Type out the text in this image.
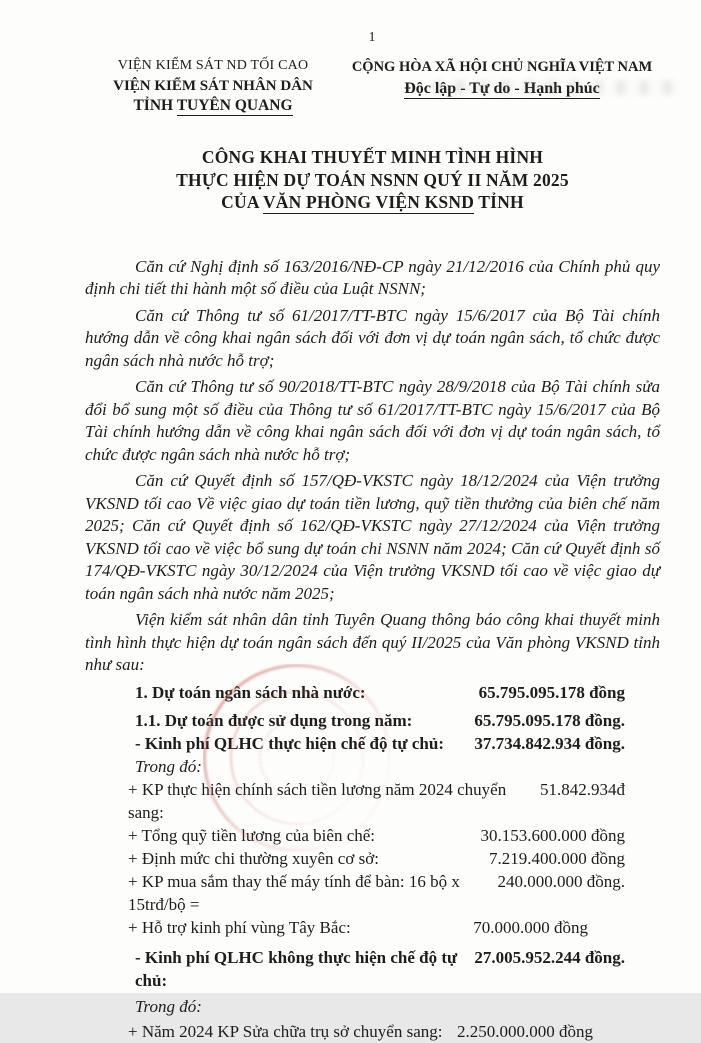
1
VIỆN KIỂM SÁT ND TỐI CAO
VIỆN KIỂM SÁT NHÂN DÂN
TỈNH TUYÊN QUANG
CỘNG HÒA XÃ HỘI CHỦ NGHĨA VIỆT NAM
Độc lập - Tự do - Hạnh phúc
CÔNG KHAI THUYẾT MINH TÌNH HÌNH
THỰC HIỆN DỰ TOÁN NSNN QUÝ II NĂM 2025
CỦA VĂN PHÒNG VIỆN KSND TỈNH

Căn cứ Nghị định số 163/2016/NĐ-CP ngày 21/12/2016 của Chính phủ quy định chi tiết thi hành một số điều của Luật NSNN;

Căn cứ Thông tư số 61/2017/TT-BTC ngày 15/6/2017 của Bộ Tài chính hướng dẫn về công khai ngân sách đối với đơn vị dự toán ngân sách, tổ chức được ngân sách nhà nước hỗ trợ;

Căn cứ Thông tư số 90/2018/TT-BTC ngày 28/9/2018 của Bộ Tài chính sửa đổi bổ sung một số điều của Thông tư số 61/2017/TT-BTC ngày 15/6/2017 của Bộ Tài chính hướng dẫn về công khai ngân sách đối với đơn vị dự toán ngân sách, tổ chức được ngân sách nhà nước hỗ trợ;

Căn cứ Quyết định số 157/QĐ-VKSTC ngày 18/12/2024 của Viện trưởng VKSND tối cao Về việc giao dự toán tiền lương, quỹ tiền thưởng của biên chế năm 2025; Căn cứ Quyết định số 162/QĐ-VKSTC ngày 27/12/2024 của Viện trưởng VKSND tối cao về việc bổ sung dự toán chi NSNN năm 2024; Căn cứ Quyết định số 174/QĐ-VKSTC ngày 30/12/2024 của Viện trưởng VKSND tối cao về việc giao dự toán ngân sách nhà nước năm 2025;

Viện kiểm sát nhân dân tỉnh Tuyên Quang thông báo công khai thuyết minh tình hình thực hiện dự toán ngân sách đến quý II/2025 của Văn phòng VKSND tỉnh như sau:

1. Dự toán ngân sách nhà nước:	65.795.095.178 đồng
1.1. Dự toán được sử dụng trong năm:	65.795.095.178 đồng.
- Kinh phí QLHC thực hiện chế độ tự chủ: 37.734.842.934 đồng.
Trong đó:
+ KP thực hiện chính sách tiền lương năm 2024 chuyển sang:
51.842.934đ
+ Tổng quỹ tiền lương của biên chế:	30.153.600.000 đồng
+ Định mức chi thường xuyên cơ sở:	7.219.400.000 đồng
+ KP mua sắm thay thế máy tính để bàn: 16 bộ x 15trđ/bộ =
240.000.000 đồng.
+ Hỗ trợ kinh phí vùng Tây Bắc:	70.000.000 đồng
- Kinh phí QLHC không thực hiện chế độ tự chủ:
27.005.952.244 đồng.
Trong đó:
+ Năm 2024 KP Sửa chữa trụ sở chuyển sang: 2.250.000.000 đồng
